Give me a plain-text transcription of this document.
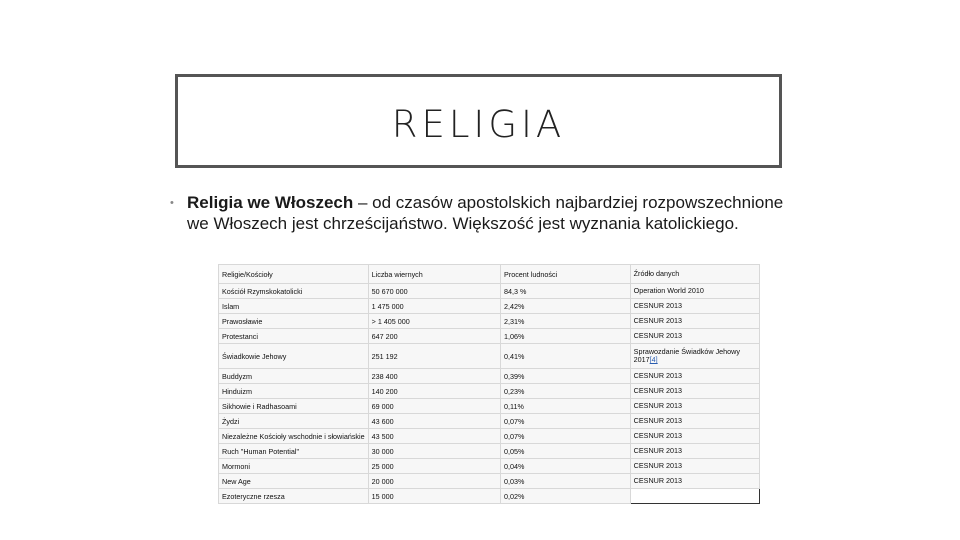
RELIGIA
• Religia we Włoszech – od czasów apostolskich najbardziej rozpowszechnione we Włoszech jest chrześcijaństwo. Większość jest wyznania katolickiego.
Religie/Kościoły	Liczba wiernych	Procent ludności	Źródło danych
Kościół Rzymskokatolicki	50 670 000	84,3 %	Operation World 2010
Islam	1 475 000	2,42%	CESNUR 2013
Prawosławie	> 1 405 000	2,31%	CESNUR 2013
Protestanci	647 200	1,06%	CESNUR 2013
Świadkowie Jehowy	251 192	0,41%	Sprawozdanie Świadków Jehowy 2017[4]
Buddyzm	238 400	0,39%	CESNUR 2013
Hinduizm	140 200	0,23%	CESNUR 2013
Sikhowie i Radhasoami	69 000	0,11%	CESNUR 2013
Żydzi	43 600	0,07%	CESNUR 2013
Niezależne Kościoły wschodnie i słowiańskie	43 500	0,07%	CESNUR 2013
Ruch "Human Potential"	30 000	0,05%	CESNUR 2013
Mormoni	25 000	0,04%	CESNUR 2013
New Age	20 000	0,03%	CESNUR 2013
Ezoteryczne rzesza	15 000	0,02%	
